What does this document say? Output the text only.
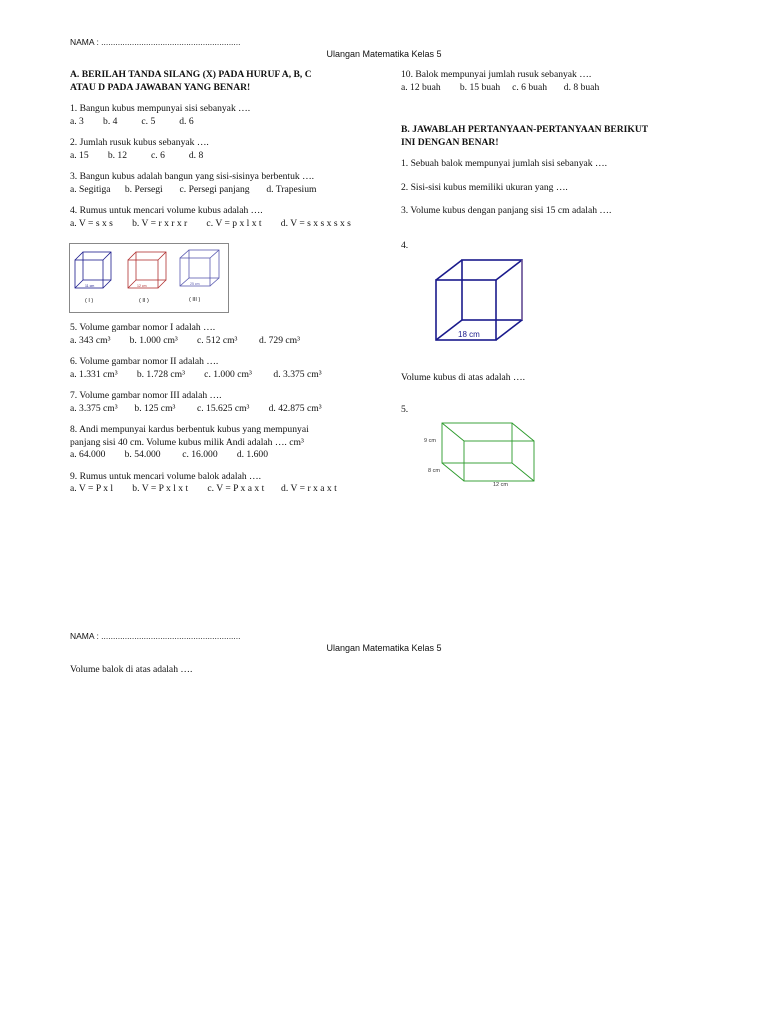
NAMA : ...........................................................
Ulangan Matematika Kelas 5

A. BERILAH TANDA SILANG (X) PADA HURUF A, B, C

ATAU D PADA JAWABAN YANG BENAR!

1. Bangun kubus mempunyai sisi sebanyak ….

a. 3        b. 4          c. 5          d. 6

2. Jumlah rusuk kubus sebanyak ….

a. 15        b. 12          c. 6          d. 8

3. Bangun kubus adalah bangun yang sisi-sisinya berbentuk ….

a. Segitiga      b. Persegi       c. Persegi panjang       d. Trapesium

4. Rumus untuk mencari volume kubus adalah ….

a. V = s x s        b. V = r x r x r        c. V = p x l x t        d. V = s x s x s x s

11 cm
( I )
12 cm
( II )
25 cm
( III )

5. Volume gambar nomor I adalah ….

a. 343 cm³        b. 1.000 cm³        c. 512 cm³         d. 729 cm³

6. Volume gambar nomor II adalah ….

a. 1.331 cm³        b. 1.728 cm³        c. 1.000 cm³         d. 3.375 cm³

7. Volume gambar nomor III adalah ….

a. 3.375 cm³       b. 125 cm³         c. 15.625 cm³        d. 42.875 cm³

8. Andi mempunyai kardus berbentuk kubus yang mempunyai

panjang sisi 40 cm. Volume kubus milik Andi adalah …. cm³

a. 64.000        b. 54.000         c. 16.000        d. 1.600

9. Rumus untuk mencari volume balok adalah ….

a. V = P x l        b. V = P x l x t        c. V = P x a x t       d. V = r x a x t

10. Balok mempunyai jumlah rusuk sebanyak ….

a. 12 buah        b. 15 buah     c. 6 buah       d. 8 buah

B. JAWABLAH PERTANYAAN-PERTANYAAN BERIKUT

INI DENGAN BENAR!

1. Sebuah balok mempunyai jumlah sisi sebanyak ….

2. Sisi-sisi kubus memiliki ukuran yang ….

3. Volume kubus dengan panjang sisi 15 cm adalah ….

4.
18 cm
Volume kubus di atas adalah ….
5.
9 cm
8 cm
12 cm
NAMA : ...........................................................
Ulangan Matematika Kelas 5
Volume balok di atas adalah ….
